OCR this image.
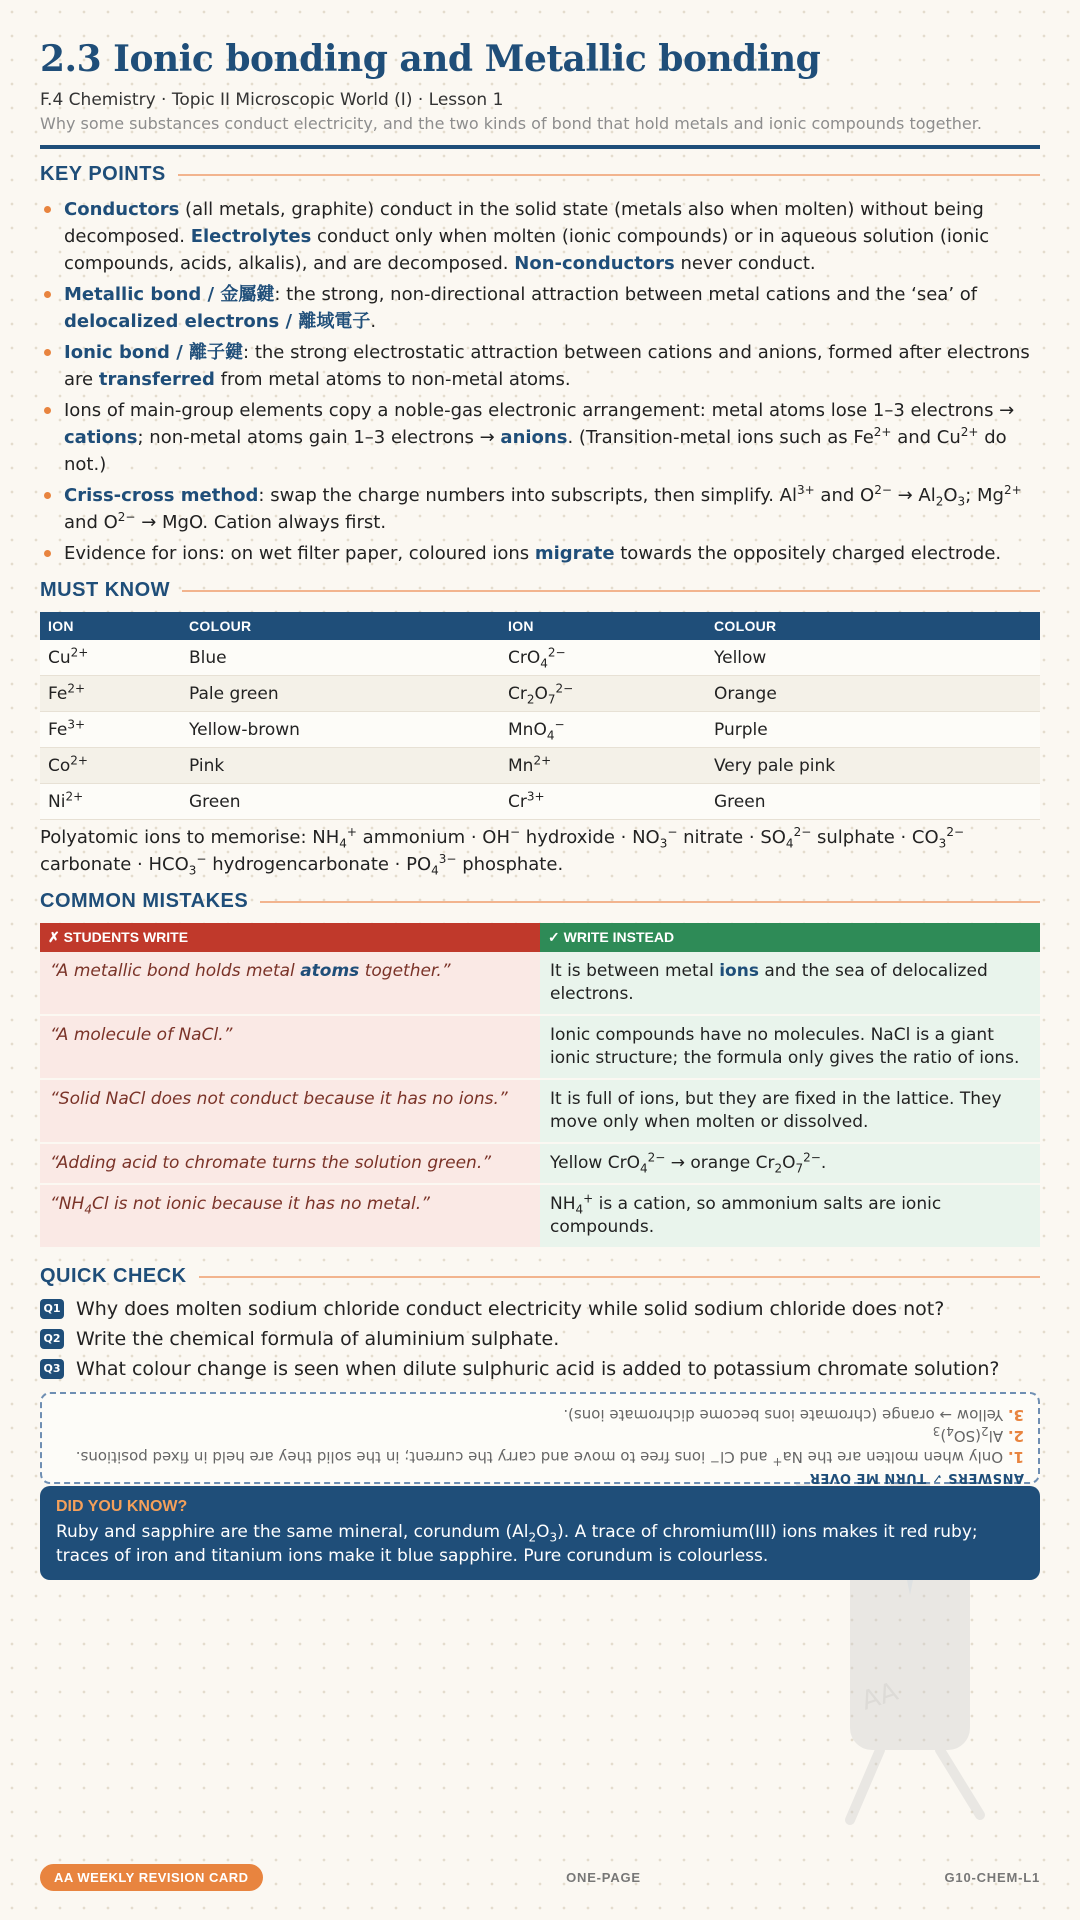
2.3 Ionic bonding and Metallic bonding
F.4 Chemistry · Topic II Microscopic World (I) · Lesson 1
Why some substances conduct electricity, and the two kinds of bond that hold metals and ionic compounds together.
KEY POINTS
Conductors (all metals, graphite) conduct in the solid state (metals also when molten) without being decomposed. Electrolytes conduct only when molten (ionic compounds) or in aqueous solution (ionic compounds, acids, alkalis), and are decomposed. Non-conductors never conduct.
Metallic bond / 金屬鍵: the strong, non-directional attraction between metal cations and the ‘sea’ of delocalized electrons / 離域電子.
Ionic bond / 離子鍵: the strong electrostatic attraction between cations and anions, formed after electrons are transferred from metal atoms to non-metal atoms.
Ions of main-group elements copy a noble-gas electronic arrangement: metal atoms lose 1–3 electrons → cations; non-metal atoms gain 1–3 electrons → anions. (Transition-metal ions such as $Fe^{2+}$ and $Cu^{2+}$ do not.)
Criss-cross method: swap the charge numbers into subscripts, then simplify. $Al^{3+}$ and $O^{2-} \to Al_2O_3$; $Mg^{2+}$ and $O^{2-}$ → MgO. Cation always first.
Evidence for ions: on wet filter paper, coloured ions migrate towards the oppositely charged electrode.
MUST KNOW
ION	COLOUR	ION	COLOUR
$Cu^{2+}$	Blue	CrO$_4^{2-}$	Yellow
$Fe^{2+}$	Pale green	$Cr_2O_7^{2-}$	Orange
$Fe^{3+}$	Yellow-brown	MnO$_4$−	Purple
$Co^{2+}$	Pink	$Mn^{2+}$	Very pale pink
$Ni^{2+}$	Green	$Cr^{3+}$	Green
Polyatomic ions to memorise: $NH_4^+$ ammonium · OH− hydroxide · $NO_3^-$ nitrate · $SO_4^{2-}$ sulphate · $CO_3^{2-}$ carbonate · $HCO_3^-$ hydrogencarbonate · $PO_4^{3-}$ phosphate.
COMMON MISTAKES
✗ STUDENTS WRITE	✓ WRITE INSTEAD
“A metallic bond holds metal atoms together.”	It is between metal ions and the sea of delocalized electrons.
“A molecule of NaCl.”	Ionic compounds have no molecules. NaCl is a giant ionic structure; the formula only gives the ratio of ions.
“Solid NaCl does not conduct because it has no ions.”	It is full of ions, but they are fixed in the lattice. They move only when molten or dissolved.
“Adding acid to chromate turns the solution green.”	Yellow CrO$_4^{2-}$ → orange $Cr_2O_7^{2-}$.
“$NH_4Cl$ is not ionic because it has no metal.”	$NH_4^+$ is a cation, so ammonium salts are ionic compounds.
QUICK CHECK
Q1 Why does molten sodium chloride conduct electricity while solid sodium chloride does not?
Q2 Write the chemical formula of aluminium sulphate.
Q3 What colour change is seen when dilute sulphuric acid is added to potassium chromate solution?
ANSWERS ✓ TURN ME OVER
1. Only when molten are the Na+ and Cl− ions free to move and carry the current; in the solid they are held in fixed positions.
2. $Al_2(SO_4)_3$
3. Yellow → orange (chromate ions become dichromate ions).
DID YOU KNOW?
Ruby and sapphire are the same mineral, corundum $(Al_2O_3)$. A trace of chromium(III) ions makes it red ruby; traces of iron and titanium ions make it blue sapphire. Pure corundum is colourless.
AA
AA WEEKLY REVISION CARD	ONE-PAGE	G10-CHEM-L1
